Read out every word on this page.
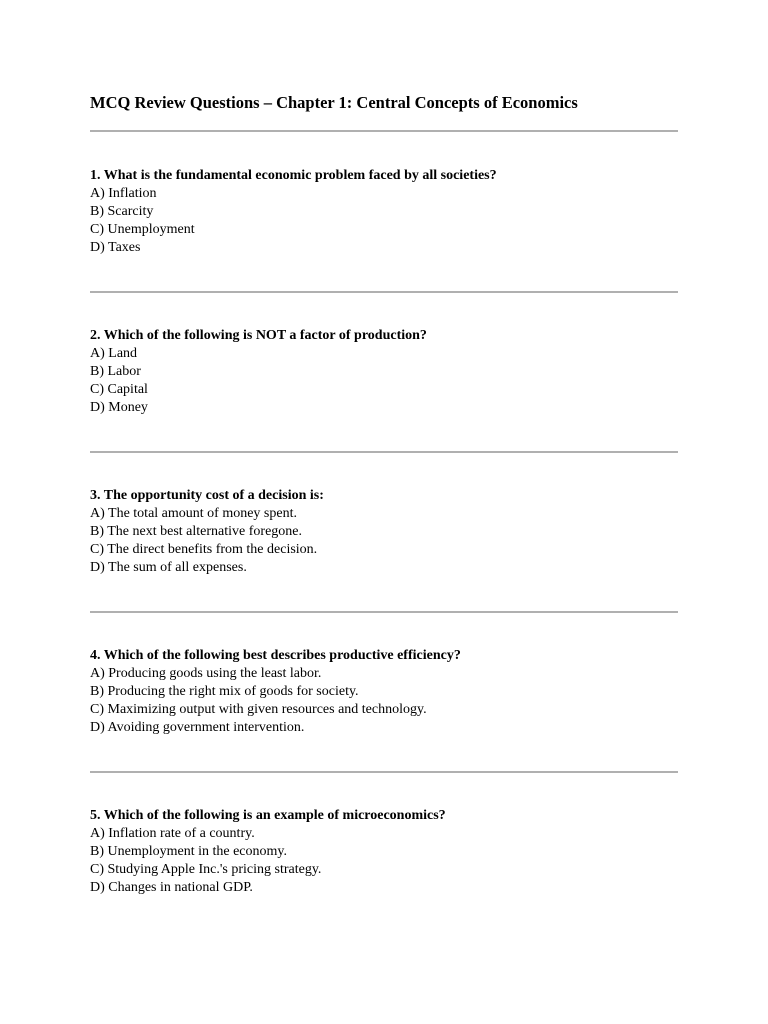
MCQ Review Questions – Chapter 1: Central Concepts of Economics

1. What is the fundamental economic problem faced by all societies?

A) Inflation
B) Scarcity
C) Unemployment
D) Taxes

2. Which of the following is NOT a factor of production?

A) Land
B) Labor
C) Capital
D) Money

3. The opportunity cost of a decision is:

A) The total amount of money spent.
B) The next best alternative foregone.
C) The direct benefits from the decision.
D) The sum of all expenses.

4. Which of the following best describes productive efficiency?

A) Producing goods using the least labor.
B) Producing the right mix of goods for society.
C) Maximizing output with given resources and technology.
D) Avoiding government intervention.

5. Which of the following is an example of microeconomics?

A) Inflation rate of a country.
B) Unemployment in the economy.
C) Studying Apple Inc.'s pricing strategy.
D) Changes in national GDP.
